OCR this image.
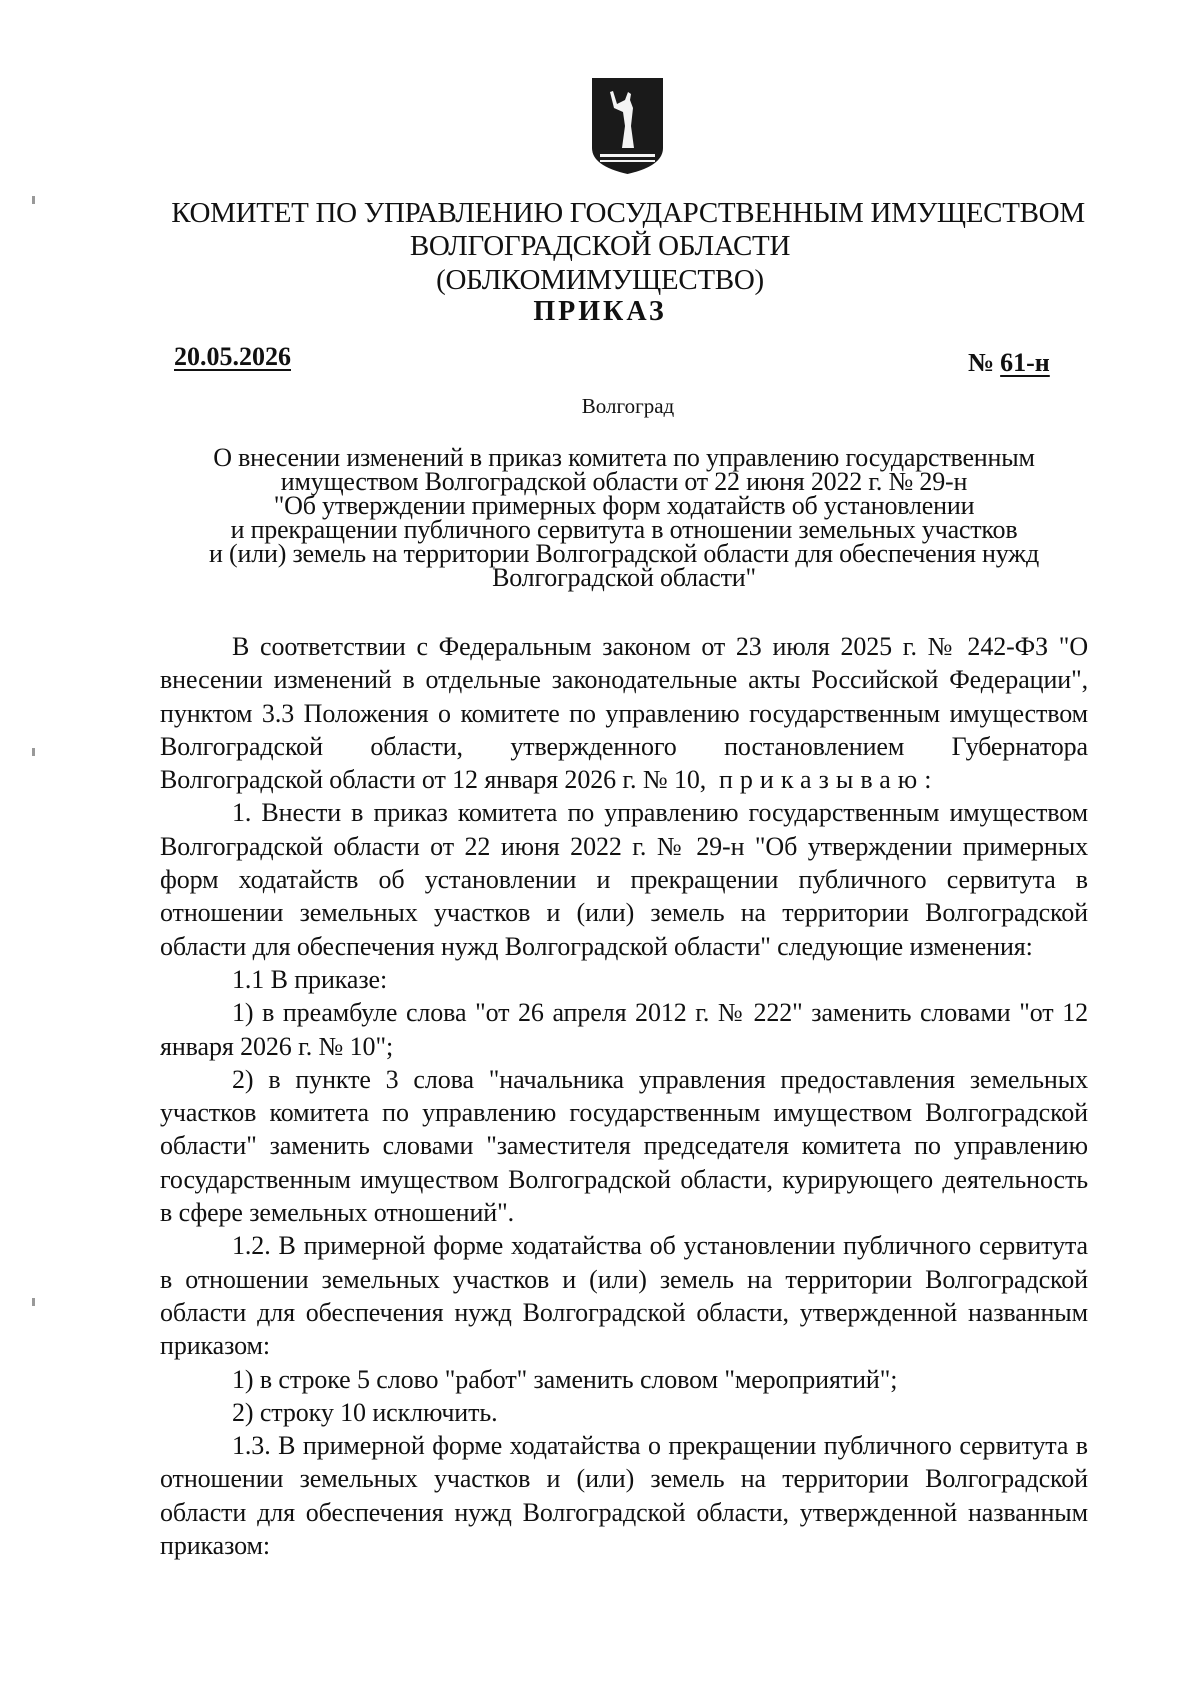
КОМИТЕТ ПО УПРАВЛЕНИЮ ГОСУДАРСТВЕННЫМ ИМУЩЕСТВОМ
ВОЛГОГРАДСКОЙ ОБЛАСТИ
(ОБЛКОМИМУЩЕСТВО)
ПРИКАЗ
20.05.2026	№ 61-н
Волгоград
О внесении изменений в приказ комитета по управлению государственным
имуществом Волгоградской области от 22 июня 2022 г. № 29-н
"Об утверждении примерных форм ходатайств об установлении
и прекращении публичного сервитута в отношении земельных участков
и (или) земель на территории Волгоградской области для обеспечения нужд
Волгоградской области"

В соответствии с Федеральным законом от 23 июля 2025 г. № 242-ФЗ "О внесении изменений в отдельные законодательные акты Российской Федерации", пунктом 3.3 Положения о комитете по управлению государственным имуществом Волгоградской области, утвержденного постановлением Губернатора Волгоградской области от 12 января 2026 г. № 10, приказываю:

1. Внести в приказ комитета по управлению государственным имуществом Волгоградской области от 22 июня 2022 г. № 29-н "Об утверждении примерных форм ходатайств об установлении и прекращении публичного сервитута в отношении земельных участков и (или) земель на территории Волгоградской области для обеспечения нужд Волгоградской области" следующие изменения:

1.1 В приказе:

1) в преамбуле слова "от 26 апреля 2012 г. № 222" заменить словами "от 12 января 2026 г. № 10";

2) в пункте 3 слова "начальника управления предоставления земельных участков комитета по управлению государственным имуществом Волгоградской области" заменить словами "заместителя председателя комитета по управлению государственным имуществом Волгоградской области, курирующего деятельность в сфере земельных отношений".

1.2. В примерной форме ходатайства об установлении публичного сервитута в отношении земельных участков и (или) земель на территории Волгоградской области для обеспечения нужд Волгоградской области, утвержденной названным приказом:

1) в строке 5 слово "работ" заменить словом "мероприятий";

2) строку 10 исключить.

1.3. В примерной форме ходатайства о прекращении публичного сервитута в отношении земельных участков и (или) земель на территории Волгоградской области для обеспечения нужд Волгоградской области, утвержденной названным приказом:
